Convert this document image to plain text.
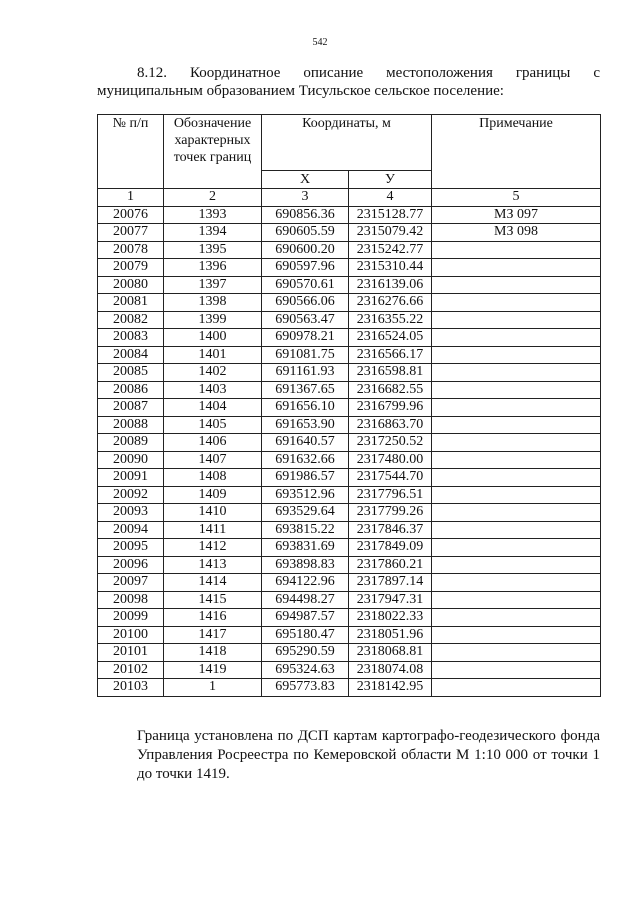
542
8.12. Координатное описание местоположения границы с
муниципальным образованием Тисульское сельское поселение:
№ п/п	Обозначение характерных точек границ	Координаты, м		Примечание
		Х	У	
1	2	3	4	5
20076	1393	690856.36	2315128.77	МЗ 097
20077	1394	690605.59	2315079.42	МЗ 098
20078	1395	690600.20	2315242.77	
20079	1396	690597.96	2315310.44	
20080	1397	690570.61	2316139.06	
20081	1398	690566.06	2316276.66	
20082	1399	690563.47	2316355.22	
20083	1400	690978.21	2316524.05	
20084	1401	691081.75	2316566.17	
20085	1402	691161.93	2316598.81	
20086	1403	691367.65	2316682.55	
20087	1404	691656.10	2316799.96	
20088	1405	691653.90	2316863.70	
20089	1406	691640.57	2317250.52	
20090	1407	691632.66	2317480.00	
20091	1408	691986.57	2317544.70	
20092	1409	693512.96	2317796.51	
20093	1410	693529.64	2317799.26	
20094	1411	693815.22	2317846.37	
20095	1412	693831.69	2317849.09	
20096	1413	693898.83	2317860.21	
20097	1414	694122.96	2317897.14	
20098	1415	694498.27	2317947.31	
20099	1416	694987.57	2318022.33	
20100	1417	695180.47	2318051.96	
20101	1418	695290.59	2318068.81	
20102	1419	695324.63	2318074.08	
20103	1	695773.83	2318142.95	
Граница установлена по ДСП картам картографо-геодезического фонда Управления Росреестра по Кемеровской области М 1:10 000 от точки 1 до точки 1419.
